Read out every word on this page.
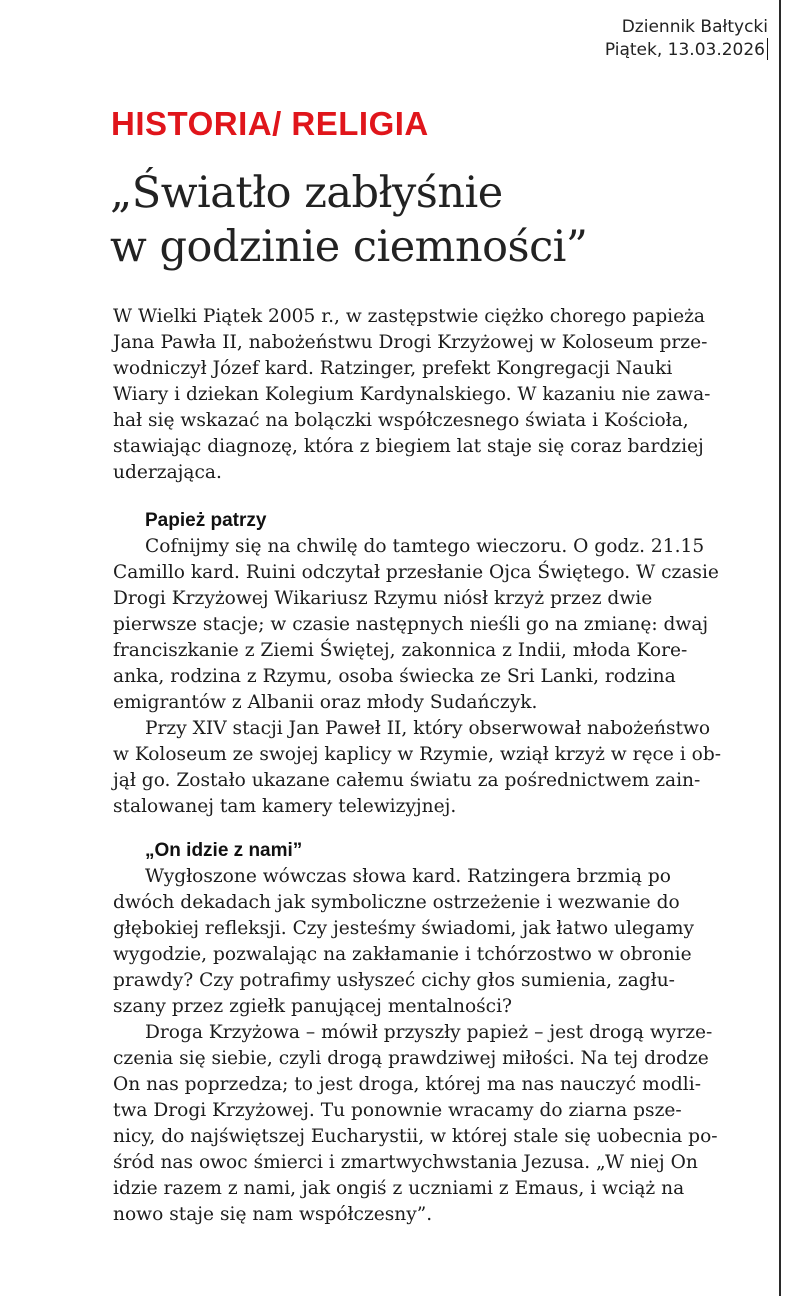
Dziennik Bałtycki
Piątek, 13.03.2026
HISTORIA/ RELIGIA
„Światło zabłyśnie
w godzinie ciemności”
W Wielki Piątek 2005 r., w zastępstwie ciężko chorego papieża
Jana Pawła II, nabożeństwu Drogi Krzyżowej w Koloseum prze-
wodniczył Józef kard. Ratzinger, prefekt Kongregacji Nauki
Wiary i dziekan Kolegium Kardynalskiego. W kazaniu nie zawa-
hał się wskazać na bolączki współczesnego świata i Kościoła,
stawiając diagnozę, która z biegiem lat staje się coraz bardziej
uderzająca.
Papież patrzy
Cofnijmy się na chwilę do tamtego wieczoru. O godz. 21.15
Camillo kard. Ruini odczytał przesłanie Ojca Świętego. W czasie
Drogi Krzyżowej Wikariusz Rzymu niósł krzyż przez dwie
pierwsze stacje; w czasie następnych nieśli go na zmianę: dwaj
franciszkanie z Ziemi Świętej, zakonnica z Indii, młoda Kore-
anka, rodzina z Rzymu, osoba świecka ze Sri Lanki, rodzina
emigrantów z Albanii oraz młody Sudańczyk.
Przy XIV stacji Jan Paweł II, który obserwował nabożeństwo
w Koloseum ze swojej kaplicy w Rzymie, wziął krzyż w ręce i ob-
jął go. Zostało ukazane całemu światu za pośrednictwem zain-
stalowanej tam kamery telewizyjnej.
„On idzie z nami”
Wygłoszone wówczas słowa kard. Ratzingera brzmią po
dwóch dekadach jak symboliczne ostrzeżenie i wezwanie do
głębokiej refleksji. Czy jesteśmy świadomi, jak łatwo ulegamy
wygodzie, pozwalając na zakłamanie i tchórzostwo w obronie
prawdy? Czy potrafimy usłyszeć cichy głos sumienia, zagłu-
szany przez zgiełk panującej mentalności?
Droga Krzyżowa – mówił przyszły papież – jest drogą wyrze-
czenia się siebie, czyli drogą prawdziwej miłości. Na tej drodze
On nas poprzedza; to jest droga, której ma nas nauczyć modli-
twa Drogi Krzyżowej. Tu ponownie wracamy do ziarna psze-
nicy, do najświętszej Eucharystii, w której stale się uobecnia po-
śród nas owoc śmierci i zmartwychwstania Jezusa. „W niej On
idzie razem z nami, jak ongiś z uczniami z Emaus, i wciąż na
nowo staje się nam współczesny”.
